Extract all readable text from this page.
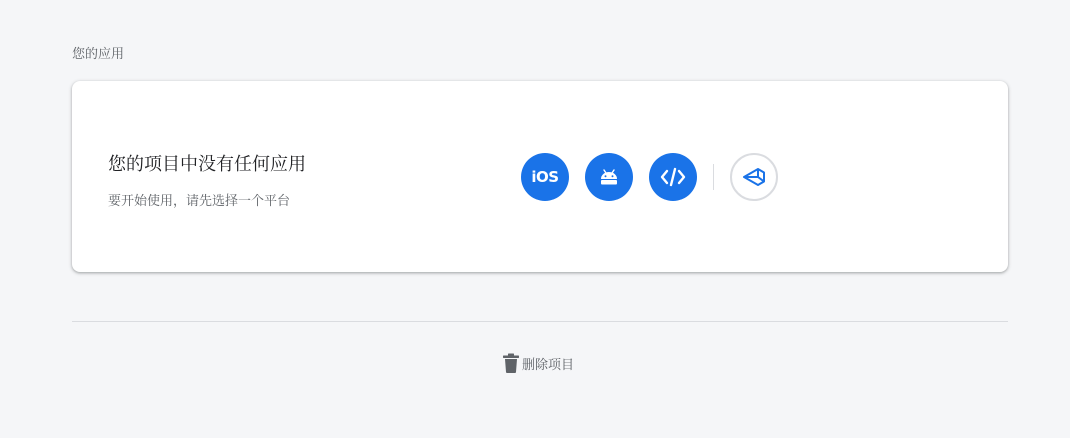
您的应用
您的项目中没有任何应用
要开始使用，请先选择一个平台
iOS
删除项目
